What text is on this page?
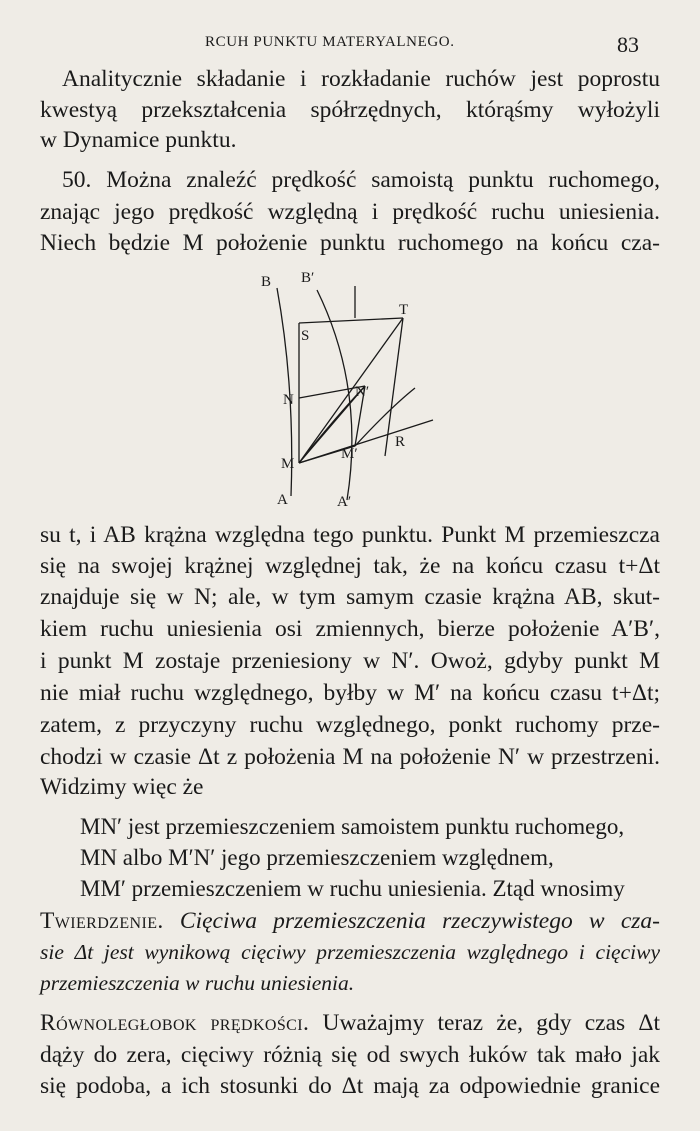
RCUH PUNKTU MATERYALNEGO.	83
Analitycznie składanie i rozkładanie ruchów jest poprostu
kwestyą przekształcenia spółrzędnych, którąśmy wyłożyli
w Dynamice punktu.
50. Można znaleźć prędkość samoistą punktu ruchomego,
znając jego prędkość względną i prędkość ruchu uniesienia.
Niech będzie M położenie punktu ruchomego na końcu cza-
B B′
T
S
N	N′
R
M
M′
A	A′
su t, i AB krążna względna tego punktu. Punkt M przemieszcza
się na swojej krążnej względnej tak, że na końcu czasu t+Δt
znajduje się w N; ale, w tym samym czasie krążna AB, skut-
kiem ruchu uniesienia osi zmiennych, bierze położenie A′B′,
i punkt M zostaje przeniesiony w N′. Owoż, gdyby punkt M
nie miał ruchu względnego, byłby w M′ na końcu czasu t+Δt;
zatem, z przyczyny ruchu względnego, ponkt ruchomy prze-
chodzi w czasie Δt z położenia M na położenie N′ w przestrzeni.
Widzimy więc że
MN′ jest przemieszczeniem samoistem punktu ruchomego,
MN albo M′N′ jego przemieszczeniem względnem,
MM′ przemieszczeniem w ruchu uniesienia. Ztąd wnosimy
Twierdzenie. Cięciwa przemieszczenia rzeczywistego w cza-
sie Δt jest wynikową cięciwy przemieszczenia względnego i cięciwy
przemieszczenia w ruchu uniesienia.
Równoległobok prędkości. Uważajmy teraz że, gdy czas Δt
dąży do zera, cięciwy różnią się od swych łuków tak mało jak
się podoba, a ich stosunki do Δt mają za odpowiednie granice
